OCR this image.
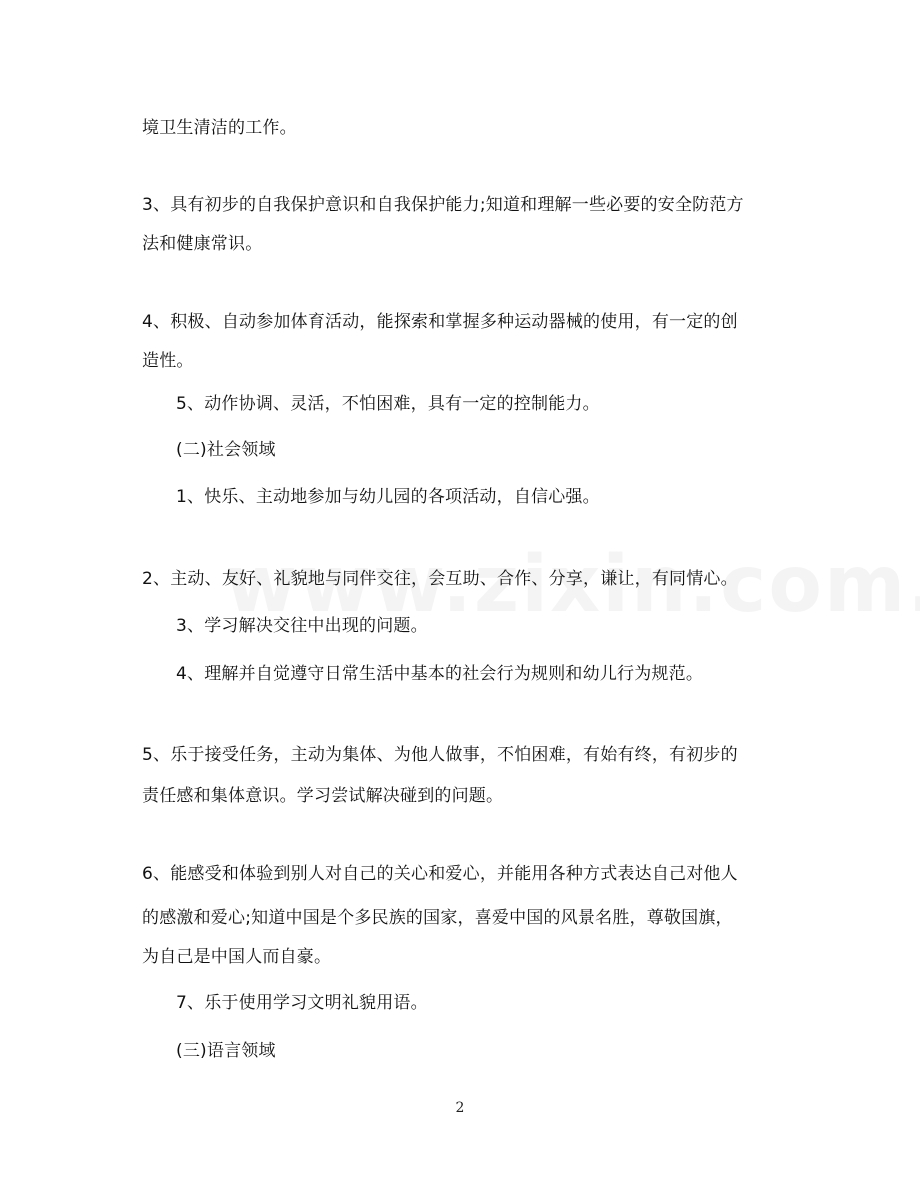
境卫生清洁的工作。
3、具有初步的自我保护意识和自我保护能力;知道和理解一些必要的安全防范方
法和健康常识。
4、积极、自动参加体育活动，能探索和掌握多种运动器械的使用，有一定的创
造性。
5、动作协调、灵活，不怕困难，具有一定的控制能力。
(二)社会领域
1、快乐、主动地参加与幼儿园的各项活动，自信心强。
2、主动、友好、礼貌地与同伴交往，会互助、合作、分享，谦让，有同情心。
3、学习解决交往中出现的问题。
4、理解并自觉遵守日常生活中基本的社会行为规则和幼儿行为规范。
5、乐于接受任务，主动为集体、为他人做事，不怕困难，有始有终，有初步的
责任感和集体意识。学习尝试解决碰到的问题。
6、能感受和体验到别人对自己的关心和爱心，并能用各种方式表达自己对他人
的感激和爱心;知道中国是个多民族的国家，喜爱中国的风景名胜，尊敬国旗，
为自己是中国人而自豪。
7、乐于使用学习文明礼貌用语。
(三)语言领域
2
